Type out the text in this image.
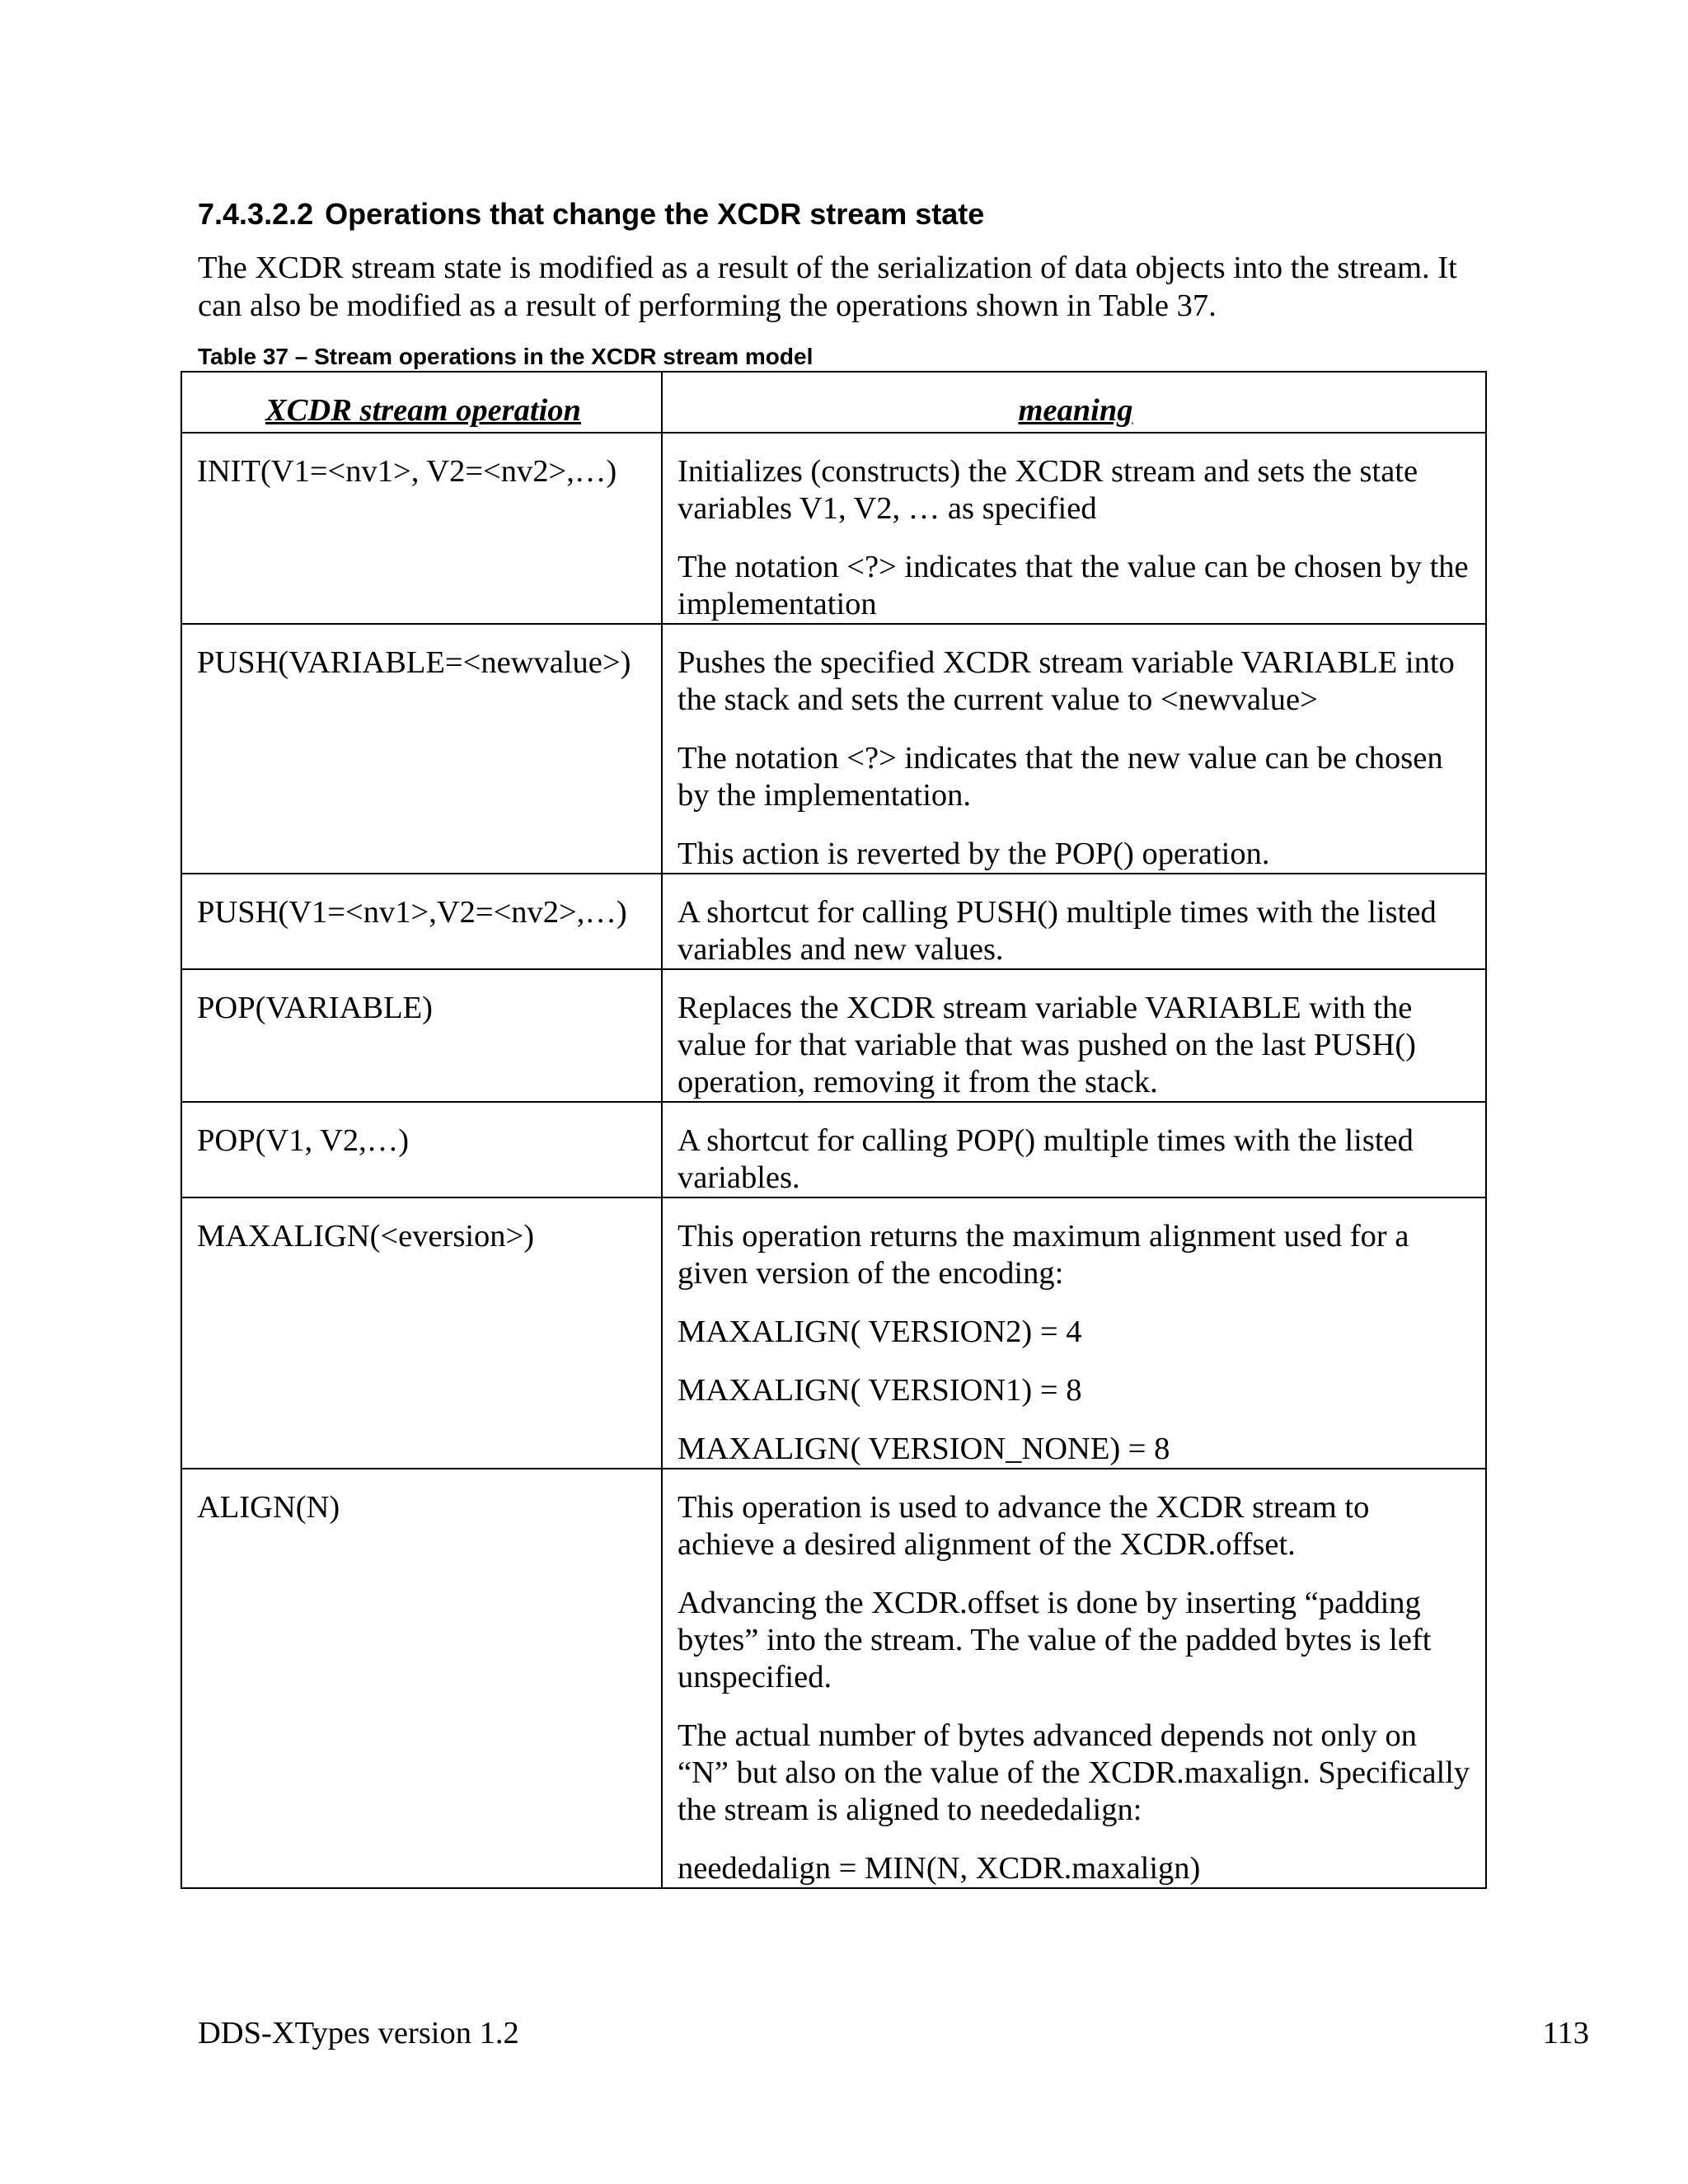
7.4.3.2.2 Operations that change the XCDR stream state

The XCDR stream state is modified as a result of the serialization of data objects into the stream. It can also be modified as a result of performing the operations shown in Table 37.

Table 37 – Stream operations in the XCDR stream model

XCDR stream operation	meaning
INIT(V1=<nv1>, V2=<nv2>,…)	Initializes (constructs) the XCDR stream and sets the state variables V1, V2, … as specified

The notation <?> indicates that the value can be chosen by the implementation

PUSH(VARIABLE=<newvalue>)	Pushes the specified XCDR stream variable VARIABLE into the stack and sets the current value to <newvalue>

The notation <?> indicates that the new value can be chosen by the implementation.

This action is reverted by the POP() operation.

PUSH(V1=<nv1>,V2=<nv2>,…)	A shortcut for calling PUSH() multiple times with the listed variables and new values.

POP(VARIABLE)	Replaces the XCDR stream variable VARIABLE with the value for that variable that was pushed on the last PUSH() operation, removing it from the stack.

POP(V1, V2,…)	A shortcut for calling POP() multiple times with the listed variables.

MAXALIGN(<eversion>)	This operation returns the maximum alignment used for a given version of the encoding:

MAXALIGN( VERSION2) = 4

MAXALIGN( VERSION1) = 8

MAXALIGN( VERSION_NONE) = 8

ALIGN(N)	This operation is used to advance the XCDR stream to achieve a desired alignment of the XCDR.offset.

Advancing the XCDR.offset is done by inserting “padding bytes” into the stream. The value of the padded bytes is left unspecified.

The actual number of bytes advanced depends not only on “N” but also on the value of the XCDR.maxalign. Specifically the stream is aligned to neededalign:

neededalign = MIN(N, XCDR.maxalign)

DDS-XTypes version 1.2	113
